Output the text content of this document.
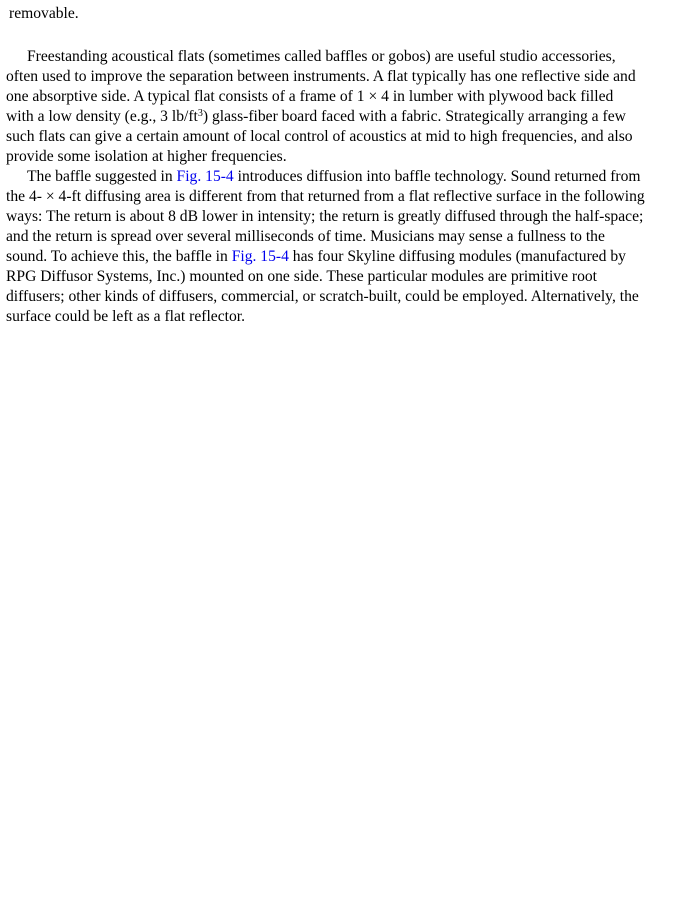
removable.
Freestanding acoustical flats (sometimes called baffles or gobos) are useful studio accessories,
often used to improve the separation between instruments. A flat typically has one reflective side and
one absorptive side. A typical flat consists of a frame of 1 × 4 in lumber with plywood back filled
with a low density (e.g., 3 $lb/ft^3$) glass-fiber board faced with a fabric. Strategically arranging a few
such flats can give a certain amount of local control of acoustics at mid to high frequencies, and also
provide some isolation at higher frequencies.
The baffle suggested in Fig. 15-4 introduces diffusion into baffle technology. Sound returned from
the 4- × 4-ft diffusing area is different from that returned from a flat reflective surface in the following
ways: The return is about 8 dB lower in intensity; the return is greatly diffused through the half-space;
and the return is spread over several milliseconds of time. Musicians may sense a fullness to the
sound. To achieve this, the baffle in Fig. 15-4 has four Skyline diffusing modules (manufactured by
RPG Diffusor Systems, Inc.) mounted on one side. These particular modules are primitive root
diffusers; other kinds of diffusers, commercial, or scratch-built, could be employed. Alternatively, the
surface could be left as a flat reflector.
